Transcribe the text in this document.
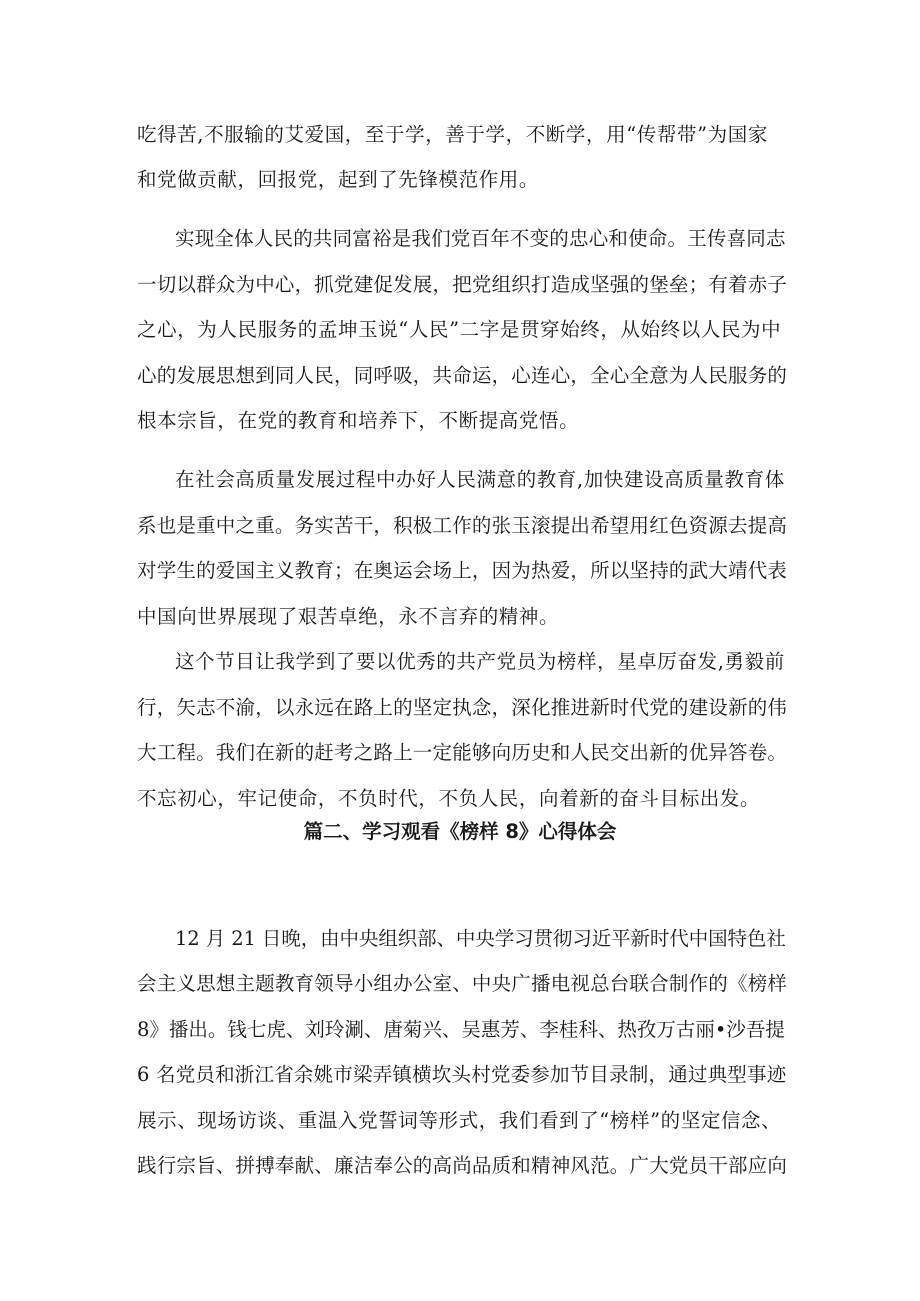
吃得苦,不服输的艾爱国，至于学，善于学，不断学，用“传帮带”为国家
和党做贡献，回报党，起到了先锋模范作用。
实现全体人民的共同富裕是我们党百年不变的忠心和使命。王传喜同志
一切以群众为中心，抓党建促发展，把党组织打造成坚强的堡垒；有着赤子
之心，为人民服务的孟坤玉说“人民”二字是贯穿始终，从始终以人民为中
心的发展思想到同人民，同呼吸，共命运，心连心，全心全意为人民服务的
根本宗旨，在党的教育和培养下，不断提高党悟。
在社会高质量发展过程中办好人民满意的教育,加快建设高质量教育体
系也是重中之重。务实苦干，积极工作的张玉滚提出希望用红色资源去提高
对学生的爱国主义教育；在奥运会场上，因为热爱，所以坚持的武大靖代表
中国向世界展现了艰苦卓绝，永不言弃的精神。
这个节目让我学到了要以优秀的共产党员为榜样，星卓厉奋发,勇毅前
行，矢志不渝，以永远在路上的坚定执念，深化推进新时代党的建设新的伟
大工程。我们在新的赶考之路上一定能够向历史和人民交出新的优异答卷。
不忘初心，牢记使命，不负时代，不负人民，向着新的奋斗目标出发。
篇二、学习观看《榜样 8》心得体会
12 月 21 日晚，由中央组织部、中央学习贯彻习近平新时代中国特色社
会主义思想主题教育领导小组办公室、中央广播电视总台联合制作的《榜样
8》播出。钱七虎、刘玲涮、唐菊兴、吴惠芳、李桂科、热孜万古丽•沙吾提
6 名党员和浙江省余姚市梁弄镇横坎头村党委参加节目录制，通过典型事迹
展示、现场访谈、重温入党誓词等形式，我们看到了“榜样”的坚定信念、
践行宗旨、拼搏奉献、廉洁奉公的高尚品质和精神风范。广大党员干部应向
